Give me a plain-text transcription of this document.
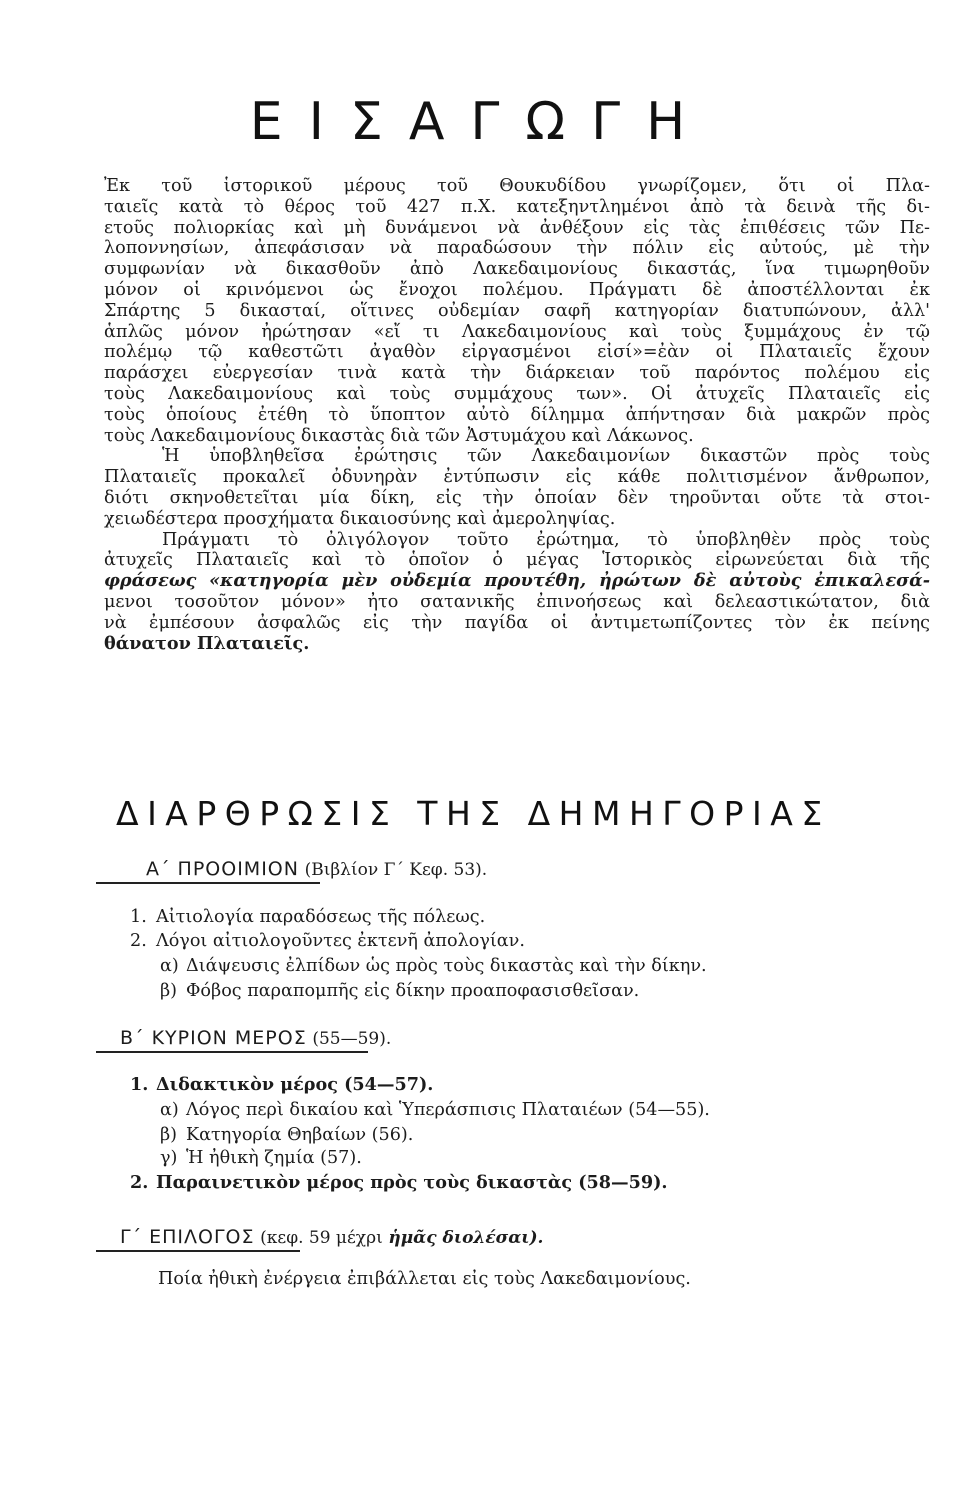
ΕΙΣΑΓΩΓΗ
Ἐκ τοῦ ἱστορικοῦ μέρους τοῦ Θουκυδίδου γνωρίζομεν, ὅτι οἱ Πλα-
ταιεῖς κατὰ τὸ θέρος τοῦ 427 π.Χ. κατεξηντλημένοι ἀπὸ τὰ δεινὰ τῆς δι-
ετοῦς πολιορκίας καὶ μὴ δυνάμενοι νὰ ἀνθέξουν εἰς τὰς ἐπιθέσεις τῶν Πε-
λοποννησίων, ἀπεφάσισαν νὰ παραδώσουν τὴν πόλιν εἰς αὐτούς, μὲ τὴν
συμφωνίαν νὰ δικασθοῦν ἀπὸ Λακεδαιμονίους δικαστάς, ἵνα τιμωρηθοῦν
μόνον οἱ κρινόμενοι ὡς ἔνοχοι πολέμου. Πράγματι δὲ ἀποστέλλονται ἐκ
Σπάρτης 5 δικασταί, οἵτινες οὐδεμίαν σαφῆ κατηγορίαν διατυπώνουν, ἀλλ'
ἁπλῶς μόνον ἠρώτησαν «εἴ τι Λακεδαιμονίους καὶ τοὺς ξυμμάχους ἐν τῷ
πολέμῳ τῷ καθεστῶτι ἀγαθὸν εἰργασμένοι εἰσί»=ἐὰν οἱ Πλαταιεῖς ἔχουν
παράσχει εὐεργεσίαν τινὰ κατὰ τὴν διάρκειαν τοῦ παρόντος πολέμου εἰς
τοὺς Λακεδαιμονίους καὶ τοὺς συμμάχους των». Οἱ ἀτυχεῖς Πλαταιεῖς εἰς
τοὺς ὁποίους ἐτέθη τὸ ὕποπτον αὐτὸ δίλημμα ἀπήντησαν διὰ μακρῶν πρὸς
τοὺς Λακεδαιμονίους δικαστὰς διὰ τῶν Ἀστυμάχου καὶ Λάκωνος.
Ἡ ὑποβληθεῖσα ἐρώτησις τῶν Λακεδαιμονίων δικαστῶν πρὸς τοὺς
Πλαταιεῖς προκαλεῖ ὀδυνηρὰν ἐντύπωσιν εἰς κάθε πολιτισμένον ἄνθρωπον,
διότι σκηνοθετεῖται μία δίκη, εἰς τὴν ὁποίαν δὲν τηροῦνται οὔτε τὰ στοι-
χειωδέστερα προσχήματα δικαιοσύνης καὶ ἀμεροληψίας.
Πράγματι τὸ ὀλιγόλογον τοῦτο ἐρώτημα, τὸ ὑποβληθὲν πρὸς τοὺς
ἀτυχεῖς Πλαταιεῖς καὶ τὸ ὁποῖον ὁ μέγας Ἱστορικὸς εἰρωνεύεται διὰ τῆς
φράσεως «κατηγορία μὲν οὐδεμία προυτέθη, ἠρώτων δὲ αὐτοὺς ἐπικαλεσά-
μενοι τοσοῦτον μόνον» ἦτο σατανικῆς ἐπινοήσεως καὶ δελεαστικώτατον, διὰ
νὰ ἐμπέσουν ἀσφαλῶς εἰς τὴν παγίδα οἱ ἀντιμετωπίζοντες τὸν ἐκ πείνης
θάνατον Πλαταιεῖς.
ΔΙΑΡΘΡΩΣΙΣ ΤΗΣ ΔΗΜΗΓΟΡΙΑΣ
Α΄ ΠΡΟΟΙΜΙΟΝ (Βιβλίον Γ΄ Κεφ. 53).
1. Αἰτιολογία παραδόσεως τῆς πόλεως.
2. Λόγοι αἰτιολογοῦντες ἐκτενῆ ἀπολογίαν.
α) Διάψευσις ἐλπίδων ὡς πρὸς τοὺς δικαστὰς καὶ τὴν δίκην.
β) Φόβος παραπομπῆς εἰς δίκην προαποφασισθεῖσαν.
Β΄ ΚΥΡΙΟΝ ΜΕΡΟΣ (55—59).
1. Διδακτικὸν μέρος (54—57).
α) Λόγος περὶ δικαίου καὶ Ὑπεράσπισις Πλαταιέων (54—55).
β) Κατηγορία Θηβαίων (56).
γ) Ἡ ἠθικὴ ζημία (57).
2. Παραινετικὸν μέρος πρὸς τοὺς δικαστὰς (58—59).
Γ΄ ΕΠΙΛΟΓΟΣ (κεφ. 59 μέχρι ἡμᾶς διολέσαι).
Ποία ἠθικὴ ἐνέργεια ἐπιβάλλεται εἰς τοὺς Λακεδαιμονίους.
